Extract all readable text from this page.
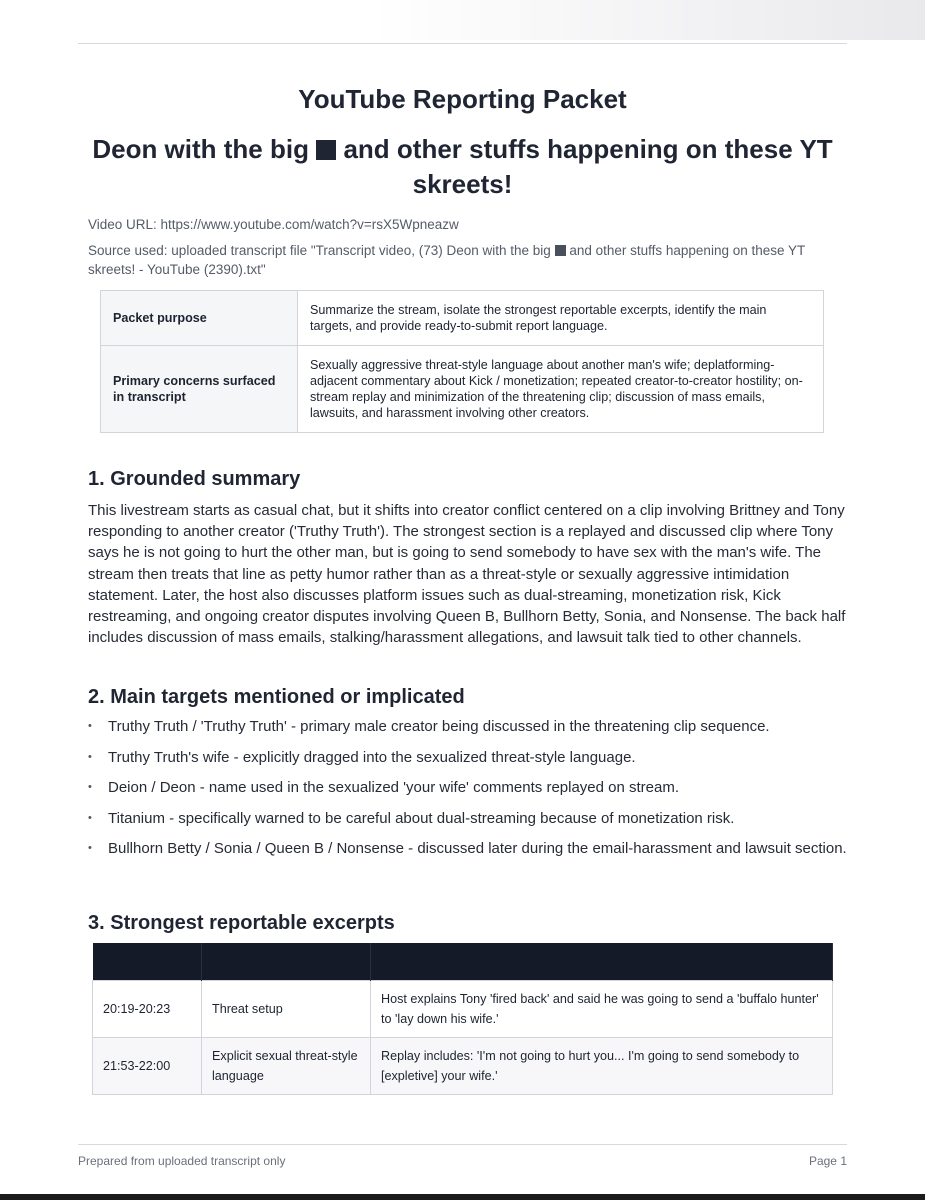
YouTube Reporting Packet
Deon with the big and other stuffs happening on these YT skreets!

Video URL: https://www.youtube.com/watch?v=rsX5Wpneazw

Source used: uploaded transcript file "Transcript video, (73) Deon with the big and other stuffs happening on these YT skreets! - YouTube (2390).txt"

Packet purpose	Summarize the stream, isolate the strongest reportable excerpts, identify the main targets, and provide ready-to-submit report language.
Primary concerns surfaced in transcript	Sexually aggressive threat-style language about another man's wife; deplatforming-adjacent commentary about Kick / monetization; repeated creator-to-creator hostility; on-stream replay and minimization of the threatening clip; discussion of mass emails, lawsuits, and harassment involving other creators.
1. Grounded summary

This livestream starts as casual chat, but it shifts into creator conflict centered on a clip involving Brittney and Tony responding to another creator ('Truthy Truth'). The strongest section is a replayed and discussed clip where Tony says he is not going to hurt the other man, but is going to send somebody to have sex with the man's wife. The stream then treats that line as petty humor rather than as a threat-style or sexually aggressive intimidation statement. Later, the host also discusses platform issues such as dual-streaming, monetization risk, Kick restreaming, and ongoing creator disputes involving Queen B, Bullhorn Betty, Sonia, and Nonsense. The back half includes discussion of mass emails, stalking/harassment allegations, and lawsuit talk tied to other channels.

2. Main targets mentioned or implicated
• Truthy Truth / 'Truthy Truth' - primary male creator being discussed in the threatening clip sequence.
• Truthy Truth's wife - explicitly dragged into the sexualized threat-style language.
• Deion / Deon - name used in the sexualized 'your wife' comments replayed on stream.
• Titanium - specifically warned to be careful about dual-streaming because of monetization risk.
• Bullhorn Betty / Sonia / Queen B / Nonsense - discussed later during the email-harassment and lawsuit section.
3. Strongest reportable excerpts
Time	Issue type	Why it matters
20:19-20:23	Threat setup	Host explains Tony 'fired back' and said he was going to send a 'buffalo hunter' to 'lay down his wife.'
21:53-22:00	Explicit sexual threat-style language	Replay includes: 'I'm not going to hurt you... I'm going to send somebody to [expletive] your wife.'
Prepared from uploaded transcript only	Page 1
